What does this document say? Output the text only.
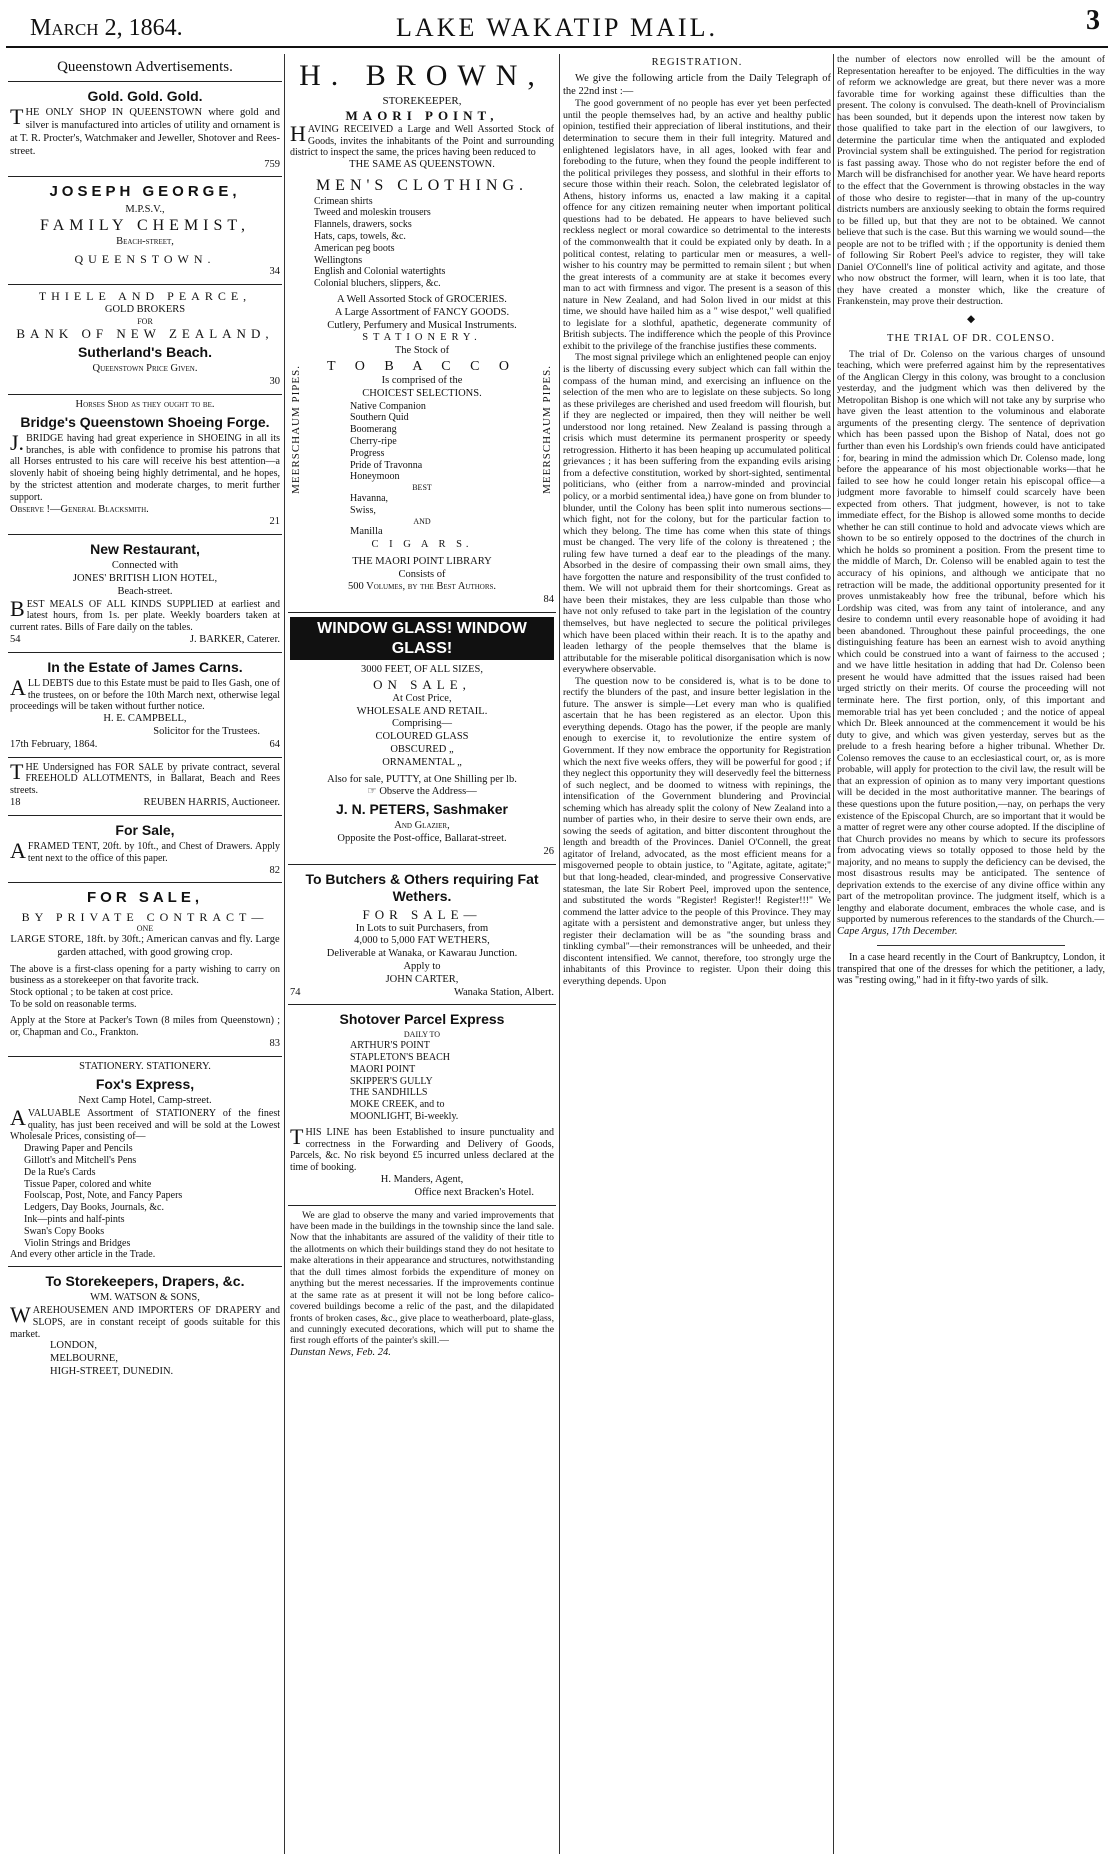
March 2, 1864.	LAKE WAKATIP MAIL.	3
Queenstown Advertisements.
Gold. Gold. Gold.

THE ONLY SHOP IN QUEENSTOWN where gold and silver is manufactured into articles of utility and ornament is at T. R. Procter's, Watchmaker and Jeweller, Shotover and Rees-street.

759
JOSEPH GEORGE,
M.P.S.V.,
FAMILY CHEMIST,
Beach-street,
QUEENSTOWN.
34
THIELE AND PEARCE,
GOLD BROKERS
FOR
BANK OF NEW ZEALAND,
Sutherland's Beach.
Queenstown Price Given.
30
Horses Shod as they ought to be.
Bridge's Queenstown Shoeing Forge.

J.BRIDGE having had great experience in SHOEING in all its branches, is able with confidence to promise his patrons that all Horses entrusted to his care will receive his best attention—a slovenly habit of shoeing being highly detrimental, and he hopes, by the strictest attention and moderate charges, to merit further support.

Observe !—General Blacksmith.
21
New Restaurant,
Connected with
JONES' BRITISH LION HOTEL,
Beach-street.

BEST MEALS OF ALL KINDS SUPPLIED at earliest and latest hours, from 1s. per plate. Weekly boarders taken at current rates. Bills of Fare daily on the tables.

54	J. BARKER, Caterer.
In the Estate of James Carns.

ALL DEBTS due to this Estate must be paid to Iles Gash, one of the trustees, on or before the 10th March next, otherwise legal proceedings will be taken without further notice.

H. E. CAMPBELL,
Solicitor for the Trustees.
17th February, 1864.	64

THE Undersigned has FOR SALE by private contract, several FREEHOLD ALLOTMENTS, in Ballarat, Beach and Rees streets.

18	REUBEN HARRIS, Auctioneer.
For Sale,

AFRAMED TENT, 20ft. by 10ft., and Chest of Drawers. Apply tent next to the office of this paper.

82
FOR SALE,
BY PRIVATE CONTRACT—
ONE
LARGE STORE, 18ft. by 30ft.; American canvas and fly. Large garden attached, with good growing crop.

The above is a first-class opening for a party wishing to carry on business as a storekeeper on that favorite track.

Stock optional ; to be taken at cost price.

To be sold on reasonable terms.

Apply at the Store at Packer's Town (8 miles from Queenstown) ; or, Chapman and Co., Frankton.

83
STATIONERY. STATIONERY.
Fox's Express,
Next Camp Hotel, Camp-street.

AVALUABLE Assortment of STATIONERY of the finest quality, has just been received and will be sold at the Lowest Wholesale Prices, consisting of—

Drawing Paper and Pencils
Gillott's and Mitchell's Pens
De la Rue's Cards
Tissue Paper, colored and white
Foolscap, Post, Note, and Fancy Papers
Ledgers, Day Books, Journals, &c.
Ink—pints and half-pints
Swan's Copy Books
Violin Strings and Bridges
And every other article in the Trade.
To Storekeepers, Drapers, &c.
WM. WATSON & SONS,

WAREHOUSEMEN AND IMPORTERS OF DRAPERY and SLOPS, are in constant receipt of goods suitable for this market.

LONDON,
MELBOURNE,
HIGH-STREET, DUNEDIN.
H. BROWN,
STOREKEEPER,
MAORI POINT,

HAVING RECEIVED a Large and Well Assorted Stock of Goods, invites the inhabitants of the Point and surrounding district to inspect the same, the prices having been reduced to

THE SAME AS QUEENSTOWN.
MEN'S CLOTHING.
Crimean shirts
Tweed and moleskin trousers
Flannels, drawers, socks
Hats, caps, towels, &c.
American peg boots
Wellingtons
English and Colonial watertights
Colonial bluchers, slippers, &c.
A Well Assorted Stock of GROCERIES.
A Large Assortment of FANCY GOODS.
Cutlery, Perfumery and Musical Instruments.
STATIONERY.
MEERSCHAUM PIPES.	MEERSCHAUM PIPES.
The Stock of
T O B A C C O
Is comprised of the
CHOICEST SELECTIONS.
Native Companion
Southern Quid
Boomerang
Cherry-ripe
Progress
Pride of Travonna
Honeymoon
BEST
Havanna,
Swiss,
AND
Manilla
C I G A R S.
THE MAORI POINT LIBRARY
Consists of
500 Volumes, by the Best Authors.
84
WINDOW GLASS! WINDOW GLASS!
3000 FEET, OF ALL SIZES,
ON SALE,
At Cost Price,
WHOLESALE AND RETAIL.
Comprising—
COLOURED GLASS
OBSCURED „
ORNAMENTAL „
Also for sale, PUTTY, at One Shilling per lb.
☞ Observe the Address—
J. N. PETERS, Sashmaker
And Glazier,
Opposite the Post-office, Ballarat-street.
26
To Butchers & Others requiring Fat Wethers.
FOR SALE—
In Lots to suit Purchasers, from
4,000 to 5,000 FAT WETHERS,
Deliverable at Wanaka, or Kawarau Junction.
Apply to
JOHN CARTER,
74	Wanaka Station, Albert.
Shotover Parcel Express
DAILY TO
ARTHUR'S POINT
STAPLETON'S BEACH
MAORI POINT
SKIPPER'S GULLY
THE SANDHILLS
MOKE CREEK, and to
MOONLIGHT, Bi-weekly.

THIS LINE has been Established to insure punctuality and correctness in the Forwarding and Delivery of Goods, Parcels, &c. No risk beyond £5 incurred unless declared at the time of booking.

H. Manders, Agent,
Office next Bracken's Hotel.

We are glad to observe the many and varied improvements that have been made in the buildings in the township since the land sale. Now that the inhabitants are assured of the validity of their title to the allotments on which their buildings stand they do not hesitate to make alterations in their appearance and structures, notwithstanding that the dull times almost forbids the expenditure of money on anything but the merest necessaries. If the improvements continue at the same rate as at present it will not be long before calico-covered buildings become a relic of the past, and the dilapidated fronts of broken cases, &c., give place to weatherboard, plate-glass, and cunningly executed decorations, which will put to shame the first rough efforts of the painter's skill.—

Dunstan News, Feb. 24.
REGISTRATION.

We give the following article from the Daily Telegraph of the 22nd inst :—

The good government of no people has ever yet been perfected until the people themselves had, by an active and healthy public opinion, testified their appreciation of liberal institutions, and their determination to secure them in their full integrity. Matured and enlightened legislators have, in all ages, looked with fear and foreboding to the future, when they found the people indifferent to the political privileges they possess, and slothful in their efforts to secure those within their reach. Solon, the celebrated legislator of Athens, history informs us, enacted a law making it a capital offence for any citizen remaining neuter when important political questions had to be debated. He appears to have believed such reckless neglect or moral cowardice so detrimental to the interests of the commonwealth that it could be expiated only by death. In a political contest, relating to particular men or measures, a well-wisher to his country may be permitted to remain silent ; but when the great interests of a community are at stake it becomes every man to act with firmness and vigor. The present is a season of this nature in New Zealand, and had Solon lived in our midst at this time, we should have hailed him as a " wise despot," well qualified to legislate for a slothful, apathetic, degenerate community of British subjects. The indifference which the people of this Province exhibit to the privilege of the franchise justifies these comments.

The most signal privilege which an enlightened people can enjoy is the liberty of discussing every subject which can fall within the compass of the human mind, and exercising an influence on the selection of the men who are to legislate on these subjects. So long as these privileges are cherished and used freedom will flourish, but if they are neglected or impaired, then they will neither be well understood nor long retained. New Zealand is passing through a crisis which must determine its permanent prosperity or speedy retrogression. Hitherto it has been heaping up accumulated political grievances ; it has been suffering from the expanding evils arising from a defective constitution, worked by short-sighted, sentimental politicians, who (either from a narrow-minded and provincial policy, or a morbid sentimental idea,) have gone on from blunder to blunder, until the Colony has been split into numerous sections—which fight, not for the colony, but for the particular faction to which they belong. The time has come when this state of things must be changed. The very life of the colony is threatened ; the ruling few have turned a deaf ear to the pleadings of the many. Absorbed in the desire of compassing their own small aims, they have forgotten the nature and responsibility of the trust confided to them. We will not upbraid them for their shortcomings. Great as have been their mistakes, they are less culpable than those who have not only refused to take part in the legislation of the country themselves, but have neglected to secure the political privileges which have been placed within their reach. It is to the apathy and leaden lethargy of the people themselves that the blame is attributable for the miserable political disorganisation which is now everywhere observable.

The question now to be considered is, what is to be done to rectify the blunders of the past, and insure better legislation in the future. The answer is simple—Let every man who is qualified ascertain that he has been registered as an elector. Upon this everything depends. Otago has the power, if the people are manly enough to exercise it, to revolutionize the entire system of Government. If they now embrace the opportunity for Registration which the next five weeks offers, they will be powerful for good ; if they neglect this opportunity they will deservedly feel the bitterness of such neglect, and be doomed to witness with repinings, the intensification of the Government blundering and Provincial scheming which has already split the colony of New Zealand into a number of parties who, in their desire to serve their own ends, are sowing the seeds of agitation, and bitter discontent throughout the length and breadth of the Provinces. Daniel O'Connell, the great agitator of Ireland, advocated, as the most efficient means for a misgoverned people to obtain justice, to "Agitate, agitate, agitate;" but that long-headed, clear-minded, and progressive Conservative statesman, the late Sir Robert Peel, improved upon the sentence, and substituted the words "Register! Register!! Register!!!" We commend the latter advice to the people of this Province. They may agitate with a persistent and demonstrative anger, but unless they register their declamation will be as "the sounding brass and tinkling cymbal"—their remonstrances will be unheeded, and their discontent intensified. We cannot, therefore, too strongly urge the inhabitants of this Province to register. Upon their doing this everything depends. Upon

the number of electors now enrolled will be the amount of Representation hereafter to be enjoyed. The difficulties in the way of reform we acknowledge are great, but there never was a more favorable time for working against these difficulties than the present. The colony is convulsed. The death-knell of Provincialism has been sounded, but it depends upon the interest now taken by those qualified to take part in the election of our lawgivers, to determine the particular time when the antiquated and exploded Provincial system shall be extinguished. The period for registration is fast passing away. Those who do not register before the end of March will be disfranchised for another year. We have heard reports to the effect that the Government is throwing obstacles in the way of those who desire to register—that in many of the up-country districts numbers are anxiously seeking to obtain the forms required to be filled up, but that they are not to be obtained. We cannot believe that such is the case. But this warning we would sound—the people are not to be trifled with ; if the opportunity is denied them of following Sir Robert Peel's advice to register, they will take Daniel O'Connell's line of political activity and agitate, and those who now obstruct the former, will learn, when it is too late, that they have created a monster which, like the creature of Frankenstein, may prove their destruction.

◆
THE TRIAL OF DR. COLENSO.

The trial of Dr. Colenso on the various charges of unsound teaching, which were preferred against him by the representatives of the Anglican Clergy in this colony, was brought to a conclusion yesterday, and the judgment which was then delivered by the Metropolitan Bishop is one which will not take any by surprise who have given the least attention to the voluminous and elaborate arguments of the presenting clergy. The sentence of deprivation which has been passed upon the Bishop of Natal, does not go further than even his Lordship's own friends could have anticipated ; for, bearing in mind the admission which Dr. Colenso made, long before the appearance of his most objectionable works—that he failed to see how he could longer retain his episcopal office—a judgment more favorable to himself could scarcely have been expected from others. That judgment, however, is not to take immediate effect, for the Bishop is allowed some months to decide whether he can still continue to hold and advocate views which are shown to be so entirely opposed to the doctrines of the church in which he holds so prominent a position. From the present time to the middle of March, Dr. Colenso will be enabled again to test the accuracy of his opinions, and although we anticipate that no retraction will be made, the additional opportunity presented for it proves unmistakeably how free the tribunal, before which his Lordship was cited, was from any taint of intolerance, and any desire to condemn until every reasonable hope of avoiding it had been abandoned. Throughout these painful proceedings, the one distinguishing feature has been an earnest wish to avoid anything which could be construed into a want of fairness to the accused ; and we have little hesitation in adding that had Dr. Colenso been present he would have admitted that the issues raised had been urged strictly on their merits. Of course the proceeding will not terminate here. The first portion, only, of this important and memorable trial has yet been concluded ; and the notice of appeal which Dr. Bleek announced at the commencement it would be his duty to give, and which was given yesterday, serves but as the prelude to a fresh hearing before a higher tribunal. Whether Dr. Colenso removes the cause to an ecclesiastical court, or, as is more probable, will apply for protection to the civil law, the result will be that an expression of opinion as to many very important questions will be decided in the most authoritative manner. The bearings of these questions upon the future position,—nay, on perhaps the very existence of the Episcopal Church, are so important that it would be a matter of regret were any other course adopted. If the discipline of that Church provides no means by which to secure its professors from advocating views so totally opposed to those held by the majority, and no means to supply the deficiency can be devised, the most disastrous results may be anticipated. The sentence of deprivation extends to the exercise of any divine office within any part of the metropolitan province. The judgment itself, which is a lengthy and elaborate document, embraces the whole case, and is supported by numerous references to the standards of the Church.—

Cape Argus, 17th December.

In a case heard recently in the Court of Bankruptcy, London, it transpired that one of the dresses for which the petitioner, a lady, was "resting owing," had in it fifty-two yards of silk.
